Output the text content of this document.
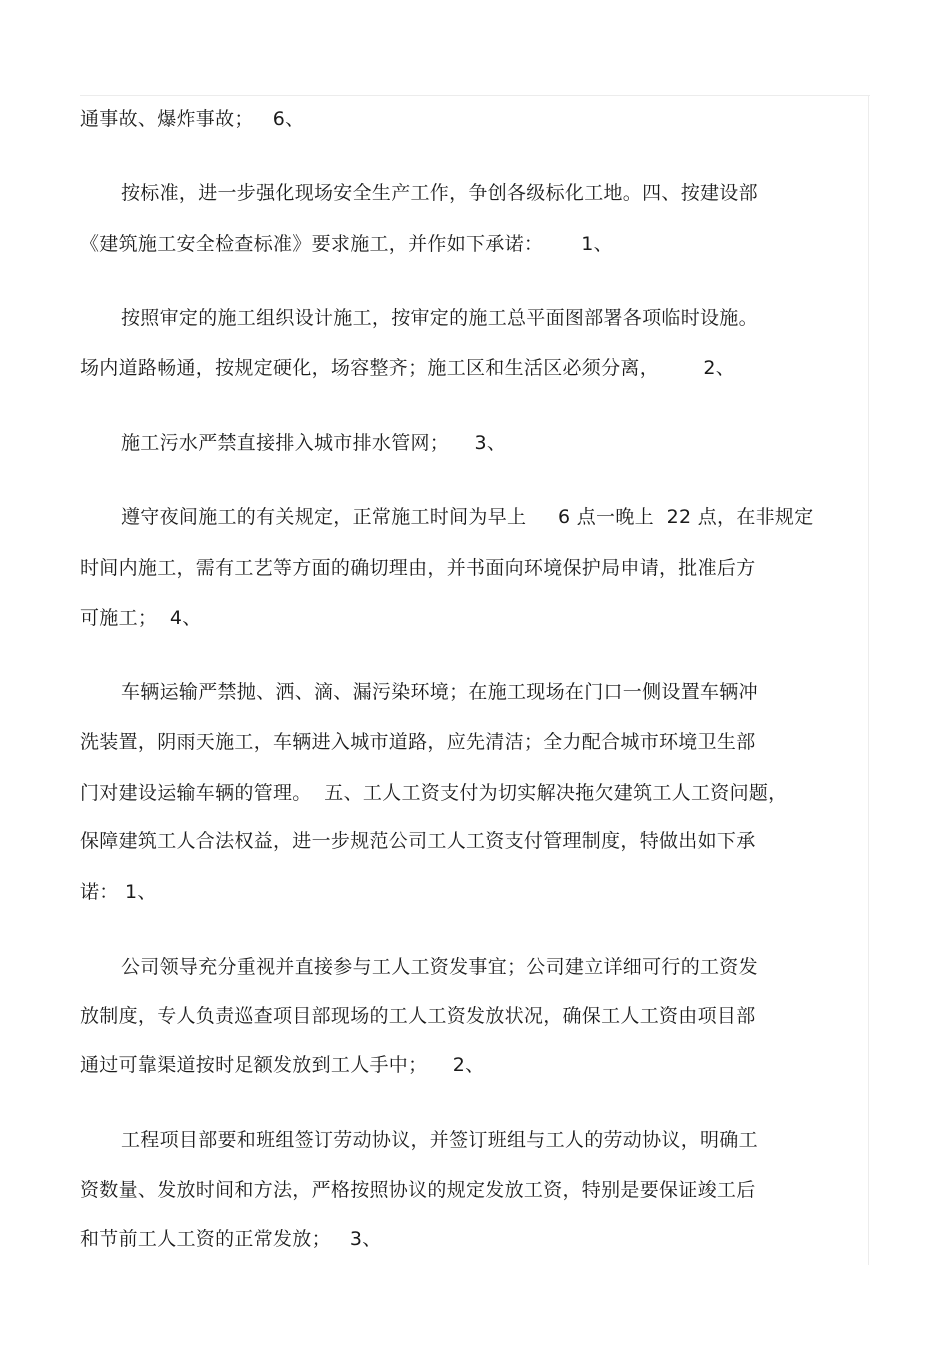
通事故、爆炸事故；   6、
按标准，进一步强化现场安全生产工作，争创各级标化工地。四、按建设部
《建筑施工安全检查标准》要求施工，并作如下承诺：      1、
按照审定的施工组织设计施工，按审定的施工总平面图部署各项临时设施。
场内道路畅通，按规定硬化，场容整齐；施工区和生活区必须分离，       2、
施工污水严禁直接排入城市排水管网；    3、
遵守夜间施工的有关规定，正常施工时间为早上     6 点一晚上  22 点，在非规定
时间内施工，需有工艺等方面的确切理由，并书面向环境保护局申请，批准后方
可施工；  4、
车辆运输严禁抛、洒、滴、漏污染环境；在施工现场在门口一侧设置车辆冲
洗装置，阴雨天施工，车辆进入城市道路，应先清洁；全力配合城市环境卫生部
门对建设运输车辆的管理。  五、工人工资支付为切实解决拖欠建筑工人工资问题，
保障建筑工人合法权益，进一步规范公司工人工资支付管理制度，特做出如下承
诺： 1、
公司领导充分重视并直接参与工人工资发事宜；公司建立详细可行的工资发
放制度，专人负责巡查项目部现场的工人工资发放状况，确保工人工资由项目部
通过可靠渠道按时足额发放到工人手中；    2、
工程项目部要和班组签订劳动协议，并签订班组与工人的劳动协议，明确工
资数量、发放时间和方法，严格按照协议的规定发放工资，特别是要保证竣工后
和节前工人工资的正常发放；   3、
